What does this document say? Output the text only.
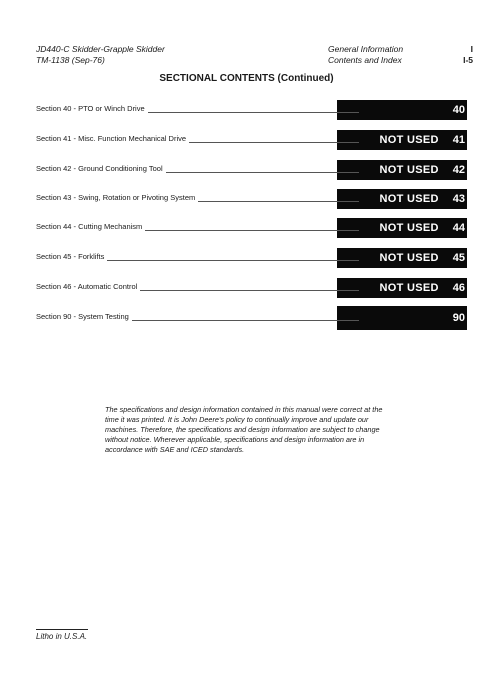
JD440-C Skidder-Grapple Skidder
TM-1138 (Sep-76)
General Information
Contents and Index
I
I-5
SECTIONAL CONTENTS (Continued)
Section 40 - PTO or Winch Drive	40
Section 41 - Misc. Function Mechanical Drive	NOT USED 41
Section 42 - Ground Conditioning Tool	NOT USED 42
Section 43 - Swing, Rotation or Pivoting System	NOT USED 43
Section 44 - Cutting Mechanism	NOT USED 44
Section 45 - Forklifts	NOT USED 45
Section 46 - Automatic Control	NOT USED 46
Section 90 - System Testing	90
The specifications and design information contained in this manual were correct at the time it was printed. It is John Deere's policy to continually improve and update our machines. Therefore, the specifications and design information are subject to change without notice. Wherever applicable, specifications and design information are in accordance with SAE and ICED standards.
Litho in U.S.A.
